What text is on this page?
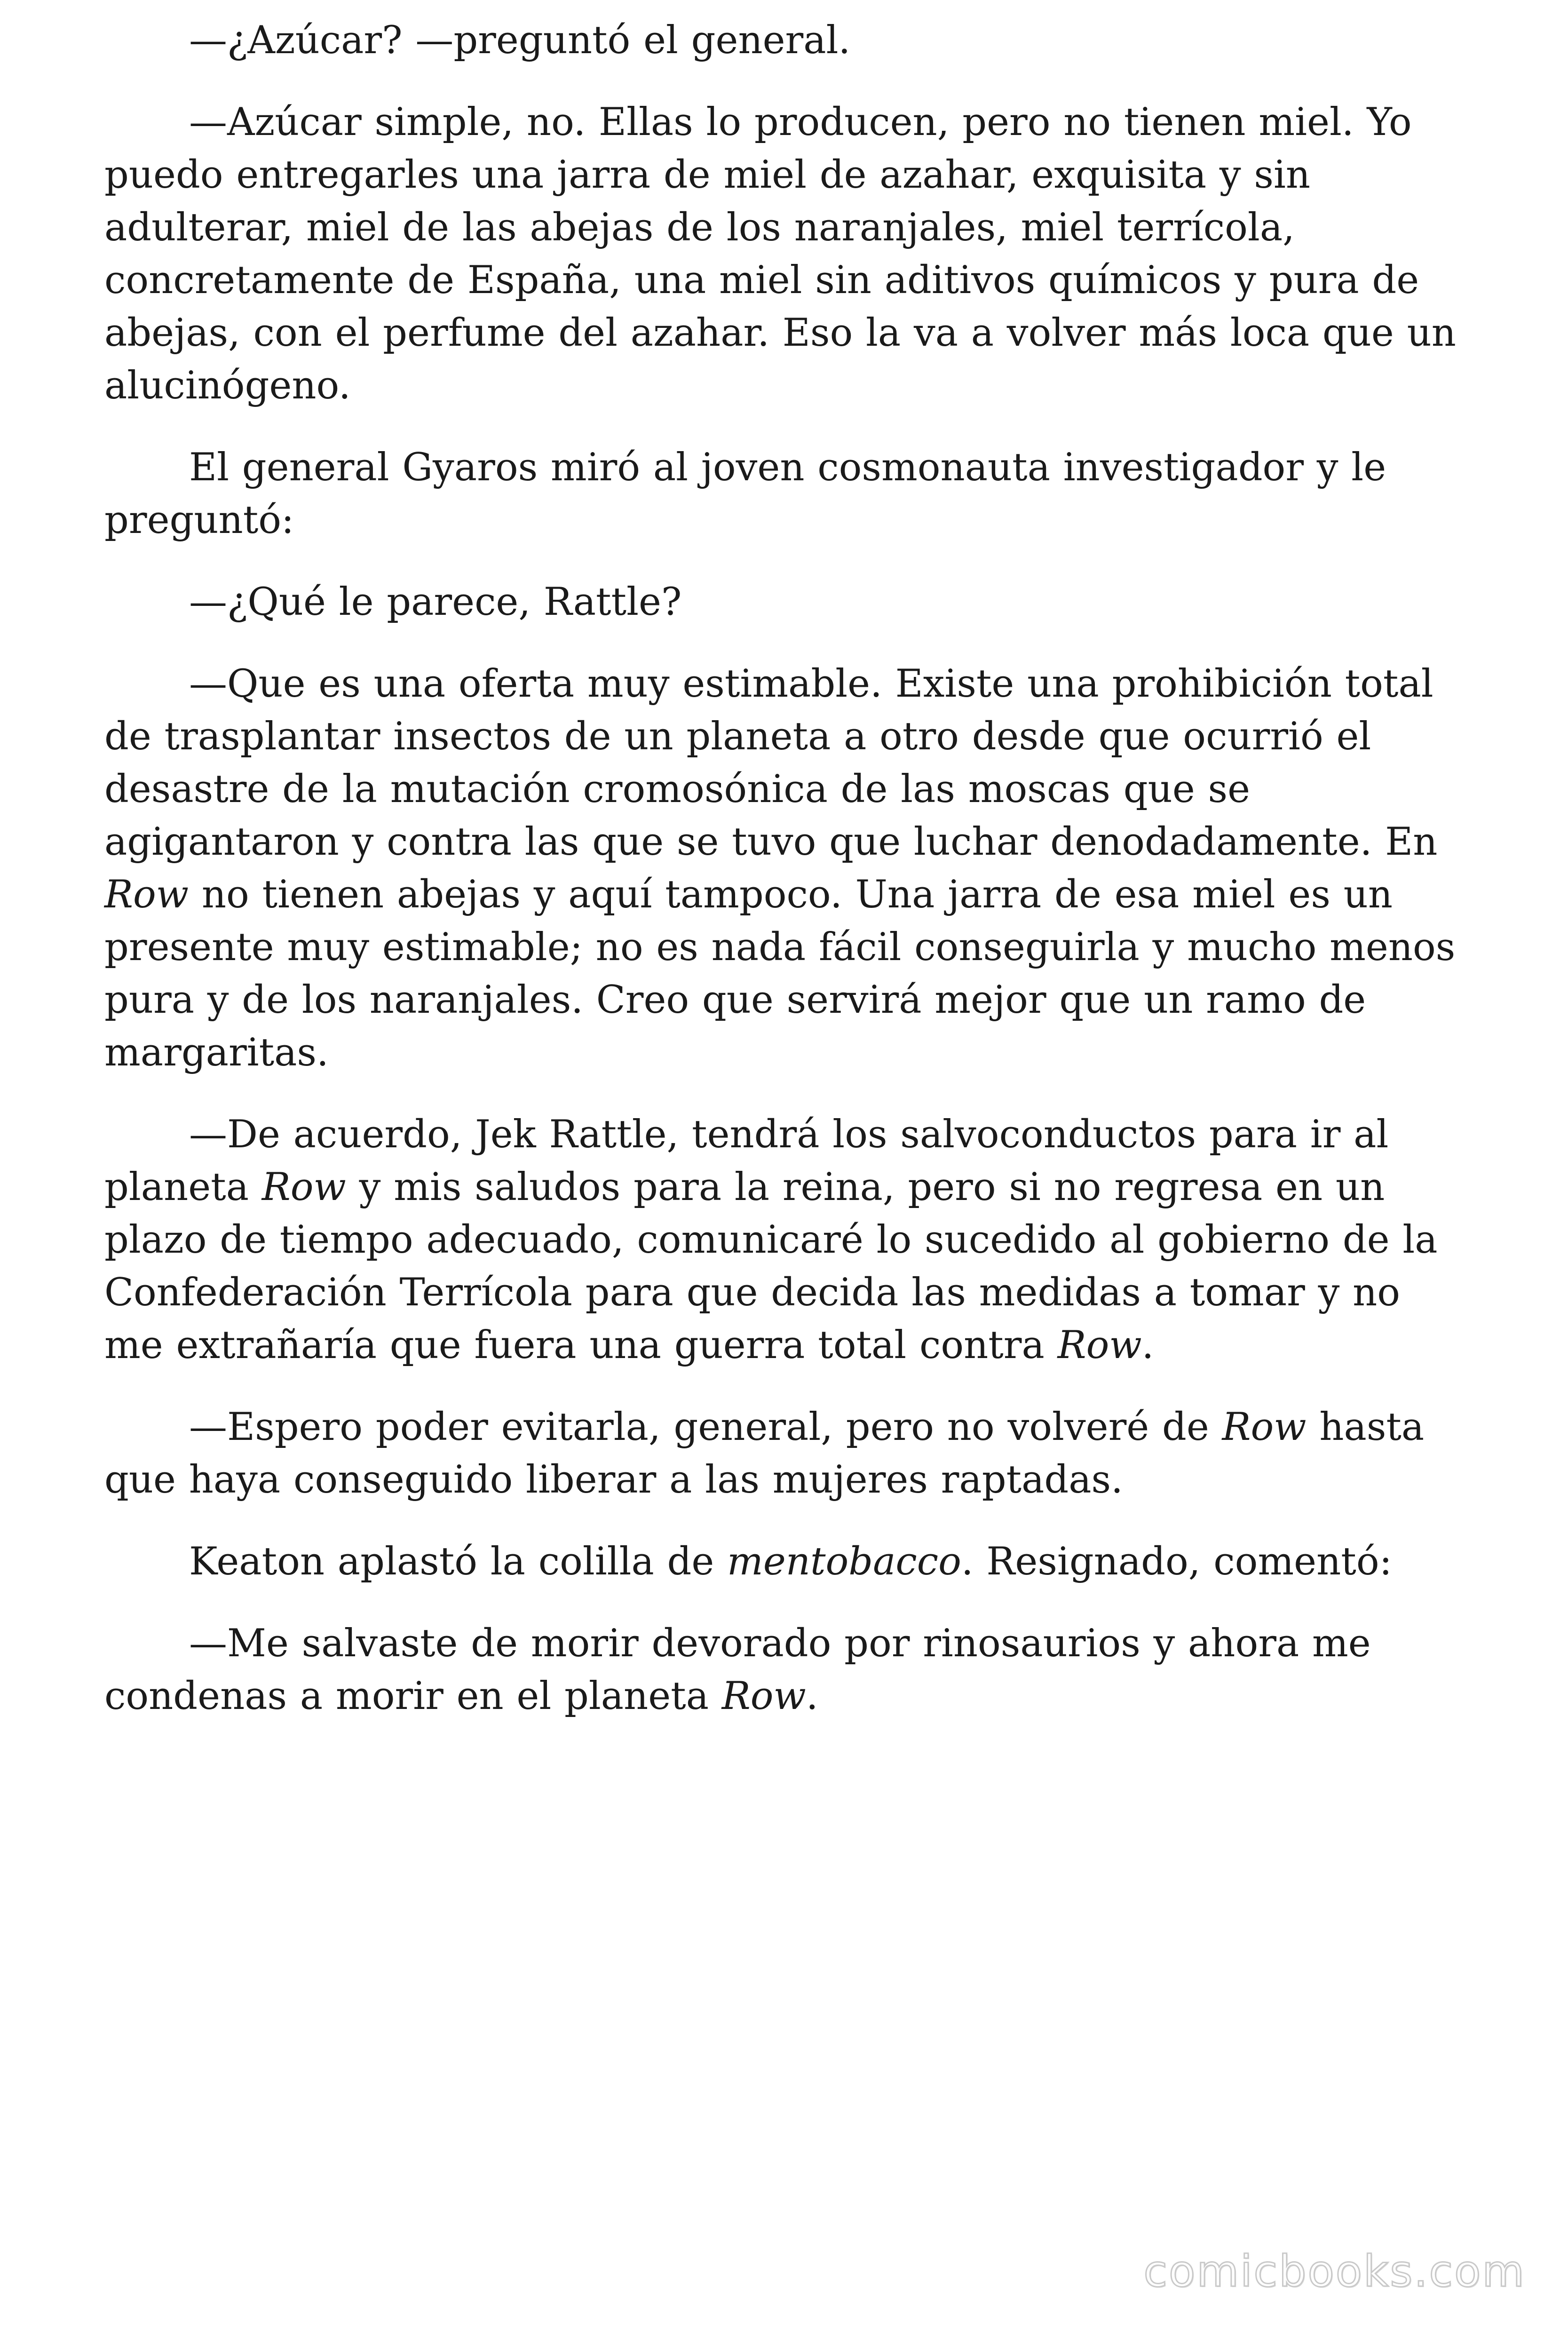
—¿Azúcar? —preguntó el general.

—Azúcar simple, no. Ellas lo producen, pero no tienen miel. Yo puedo entregarles una jarra de miel de azahar, exquisita y sin adulterar, miel de las abejas de los naranjales, miel terrícola, concretamente de España, una miel sin aditivos químicos y pura de abejas, con el perfume del azahar. Eso la va a volver más loca que un alucinógeno.

El general Gyaros miró al joven cosmonauta investigador y le preguntó:

—¿Qué le parece, Rattle?

—Que es una oferta muy estimable. Existe una prohibición total de trasplantar insectos de un planeta a otro desde que ocurrió el desastre de la mutación cromosónica de las moscas que se agigantaron y contra las que se tuvo que luchar denodadamente. En Row no tienen abejas y aquí tampoco. Una jarra de esa miel es un presente muy estimable; no es nada fácil conseguirla y mucho menos pura y de los naranjales. Creo que servirá mejor que un ramo de margaritas.

—De acuerdo, Jek Rattle, tendrá los salvoconductos para ir al planeta Row y mis saludos para la reina, pero si no regresa en un plazo de tiempo adecuado, comunicaré lo sucedido al gobierno de la Confederación Terrícola para que decida las medidas a tomar y no me extrañaría que fuera una guerra total contra Row.

—Espero poder evitarla, general, pero no volveré de Row hasta que haya conseguido liberar a las mujeres raptadas.

Keaton aplastó la colilla de mentobacco. Resignado, comentó:

—Me salvaste de morir devorado por rinosaurios y ahora me condenas a morir en el planeta Row.

comicbooks.com
